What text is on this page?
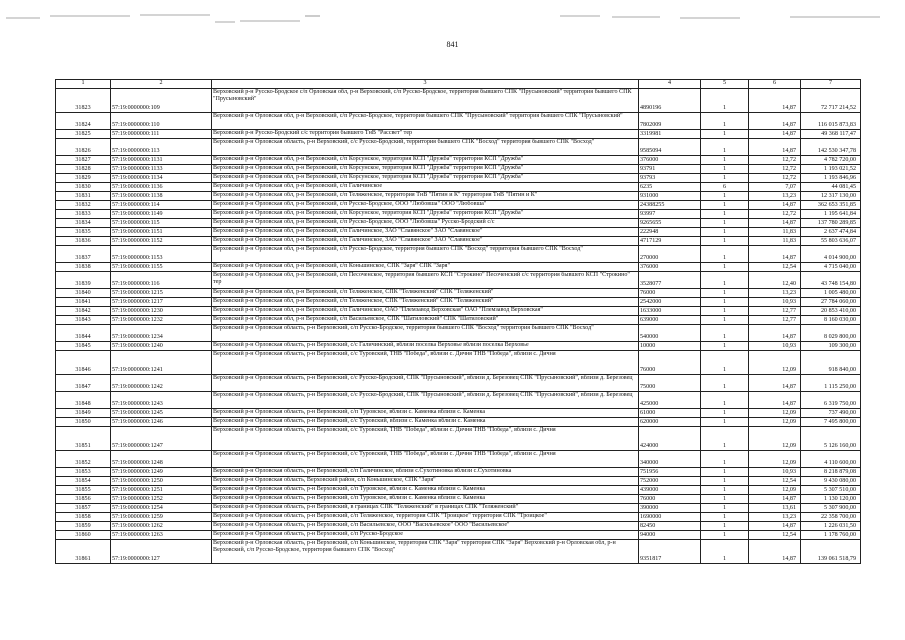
841
1	2	3	4	5	6	7
31823	57:19:0000000:109	Верховский р-н Русско-Бродское с/п Орловская обл, р-н Верховский, с/п Русско-Бродское, территория бывшего СПК "Прусыновский" территория бывшего СПК "Прусыновский"	4890196	1	14,87	72 717 214,52
31824	57:19:0000000:110	Верховский р-н Орловская обл, р-н Верховский, с/п Русско-Бродское, территория бывшего СПК "Прусыновский" территория бывшего СПК "Прусыновский"	7802009	1	14,87	116 015 873,83
31825	57:19:0000000:111	Верховский р-н Русско-Бродский с/с территория бывшего ТнВ "Рассвет" тер	3319981	1	14,87	49 368 117,47
31826	57:19:0000000:113	Верховский р-н Орловская область, р-н Верховский, с/с Русско-Бродский, территория бывшего СПК "Восход" территория бывшего СПК "Восход"	9585094	1	14,87	142 530 347,78
31827	57:19:0000000:1131	Верховский р-н Орловская обл, р-н Верховский, с/п Корсунское, территория КСП "Дружба" территория КСП "Дружба"	376000	1	12,72	4 782 720,00
31828	57:19:0000000:1133	Верховский р-н Орловская обл, р-н Верховский, с/п Корсунское, территория КСП "Дружба" территория КСП "Дружба"	93791	1	12,72	1 193 021,52
31829	57:19:0000000:1134	Верховский р-н Орловская обл, р-н Верховский, с/п Корсунское, территория КСП "Дружба" территория КСП "Дружба"	93793	1	12,72	1 193 846,96
31830	57:19:0000000:1136	Верховский р-н Орловская обл, р-н Верховский, с/п Галичинское	6235	6	7,07	44 081,45
31831	57:19:0000000:1138	Верховский р-н Орловская обл, р-н Верховский, с/п Теляженское, территория ТнВ "Пятин и К" территория ТнВ "Пятин и К"	931000	1	13,23	12 317 130,00
31832	57:19:0000000:114	Верховский р-н Орловская обл, р-н Верховский, с/п Русско-Бродское, ООО "Любовша" ООО "Любовша"	24388255	1	14,87	362 653 351,85
31833	57:19:0000000:1149	Верховский р-н Орловская обл, р-н Верховский, с/п Корсунское, территория КСП "Дружба" территория КСП "Дружба"	93997	1	12,72	1 195 641,84
31834	57:19:0000000:115	Верховский р-н Орловская обл, р-н Верховский, с/п Русско-Бродское, ООО "Любовша" Русско-Бродский с/с	9265655	1	14,87	137 780 289,85
31835	57:19:0000000:1151	Верховский р-н Орловская обл, р-н Верховский, с/п Галичинское, ЗАО "Славянское" ЗАО "Славянское"	222948	1	11,83	2 637 474,84
31836	57:19:0000000:1152	Верховский р-н Орловская обл, р-н Верховский, с/п Галичинское, ЗАО "Славянское" ЗАО "Славянское"	4717129	1	11,83	55 803 636,07
31837	57:19:0000000:1153	Верховский р-н Орловская обл, р-н Верховский, с/п Русско-Бродское, территория бывшего СПК "Восход" территория бывшего СПК "Восход"	270000	1	14,87	4 014 900,00
31838	57:19:0000000:1155	Верховский р-н Орловская обл, р-н Верховский, с/п Коньшинское, СПК "Заря" СПК "Заря"	376000	1	12,54	4 715 040,00
31839	57:19:0000000:116	Верховский р-н Орловская обл, р-н Верховский, с/п Песоченское, территория бывшего КСП "Строкино" Песоченский с/с территория бывшего КСП "Строкино" тер	3528077	1	12,40	43 748 154,80
31840	57:19:0000000:1215	Верховский р-н Орловская обл, р-н Верховский, с/п Теляженское, СПК "Теляженский" СПК "Теляженский"	76000	1	13,23	1 005 480,00
31841	57:19:0000000:1217	Верховский р-н Орловская обл, р-н Верховский, с/п Теляженское, СПК "Теляженский" СПК "Теляженский"	2542000	1	10,93	27 784 060,00
31842	57:19:0000000:1230	Верховский р-н Орловская обл, р-н Верховский, с/п Галичинское, ОАО "Племзавод Верховская" ОАО "Племзавод Верховская"	1633000	1	12,77	20 853 410,00
31843	57:19:0000000:1232	Верховский р-н Орловская обл, р-н Верховский, с/п Васильевское, СПК "Шатиловский" СПК "Шатиловский"	639000	1	12,77	8 160 030,00
31844	57:19:0000000:1234	Верховский р-н Орловская область, р-н Верховский, с/п Русско-Бродское, территория бывшего СПК "Восход" территория бывшего СПК "Восход"	540000	1	14,87	8 029 800,00
31845	57:19:0000000:1240	Верховский р-н Орловская область, р-н Верховский, с/с Галичинский, вблизи поселка Верховье вблизи поселка Верховье	10000	1	10,93	109 300,00
31846	57:19:0000000:1241	Верховский р-н Орловская область, р-н Верховский, с/с Туровский, ТНВ "Победа", вблизи с. Дичня ТНВ "Победа", вблизи с. Дичня	76000	1	12,09	918 840,00
31847	57:19:0000000:1242	Верховский р-н Орловская область, р-н Верховский, с/с Русско-Бродский, СПК "Прусыновский", вблизи д. Березовец СПК "Прусыновский", вблизи д. Березовец	75000	1	14,87	1 115 250,00
31848	57:19:0000000:1243	Верховский р-н Орловская область, р-н Верховский, с/с Русско-Бродский, СПК "Прусыновский", вблизи д. Березовец СПК "Прусыновский", вблизи д. Березовец	425000	1	14,87	6 319 750,00
31849	57:19:0000000:1245	Верховский р-н Орловская область, р-н Верховский, с/п Туровское, вблизи с. Каменка вблизи с. Каменка	61000	1	12,09	737 490,00
31850	57:19:0000000:1246	Верховский р-н Орловская область, р-н Верховский, с/с Туровский, вблизи с. Каменка вблизи с. Каменка	620000	1	12,09	7 495 800,00
31851	57:19:0000000:1247	Верховский р-н Орловская область, р-н Верховский, с/с Туровский, ТНВ "Победа", вблизи с. Дичня ТНВ "Победа", вблизи с. Дичня	424000	1	12,09	5 126 160,00
31852	57:19:0000000:1248	Верховский р-н Орловская область, р-н Верховский, с/с Туровский, ТНВ "Победа", вблизи с. Дичня ТНВ "Победа", вблизи с. Дичня	340000	1	12,09	4 110 600,00
31853	57:19:0000000:1249	Верховский р-н Орловская область, р-н Верховский, с/п Галичинское, вблизи с.Сухотиновка вблизи с.Сухотиновка	751956	1	10,93	8 218 879,08
31854	57:19:0000000:1250	Верховский р-н Орловская область, Верховский район, с/п Коньшинское, СПК "Заря"	752000	1	12,54	9 430 080,00
31855	57:19:0000000:1251	Верховский р-н Орловская область, р-н Верховский, с/п Туровское, вблизи с. Каменка вблизи с. Каменка	439000	1	12,09	5 307 510,00
31856	57:19:0000000:1252	Верховский р-н Орловская область, р-н Верховский, с/п Туровское, вблизи с. Каменка вблизи с. Каменка	76000	1	14,87	1 130 120,00
31857	57:19:0000000:1254	Верховский р-н Орловская область, р-н Верховский, в границах СПК "Теляженский" в границах СПК "Теляженский"	390000	1	13,61	5 307 900,00
31858	57:19:0000000:1259	Верховский р-н Орловская область, р-н Верховский, с/п Теляженское, территория СПК "Троицкое" территория СПК "Троицкое"	1690000	1	13,23	22 358 700,00
31859	57:19:0000000:1262	Верховский р-н Орловская область, р-н Верховский, с/п Васильевское, ООО "Васильевское" ООО "Васильевское"	82450	1	14,87	1 226 031,50
31860	57:19:0000000:1263	Верховский р-н Орловская область, р-н Верховский, с/п Русско-Бродское	94000	1	12,54	1 178 760,00
31861	57:19:0000000:127	Верховский р-н Орловская область, р-н Верховский, с/п Коньшинское, территория СПК "Заря" территория СПК "Заря" Верховский р-н Орловская обл, р-н Верховский, с/п Русско-Бродское, территория бывшего СПК "Восход"	9351817	1	14,87	139 061 518,79
